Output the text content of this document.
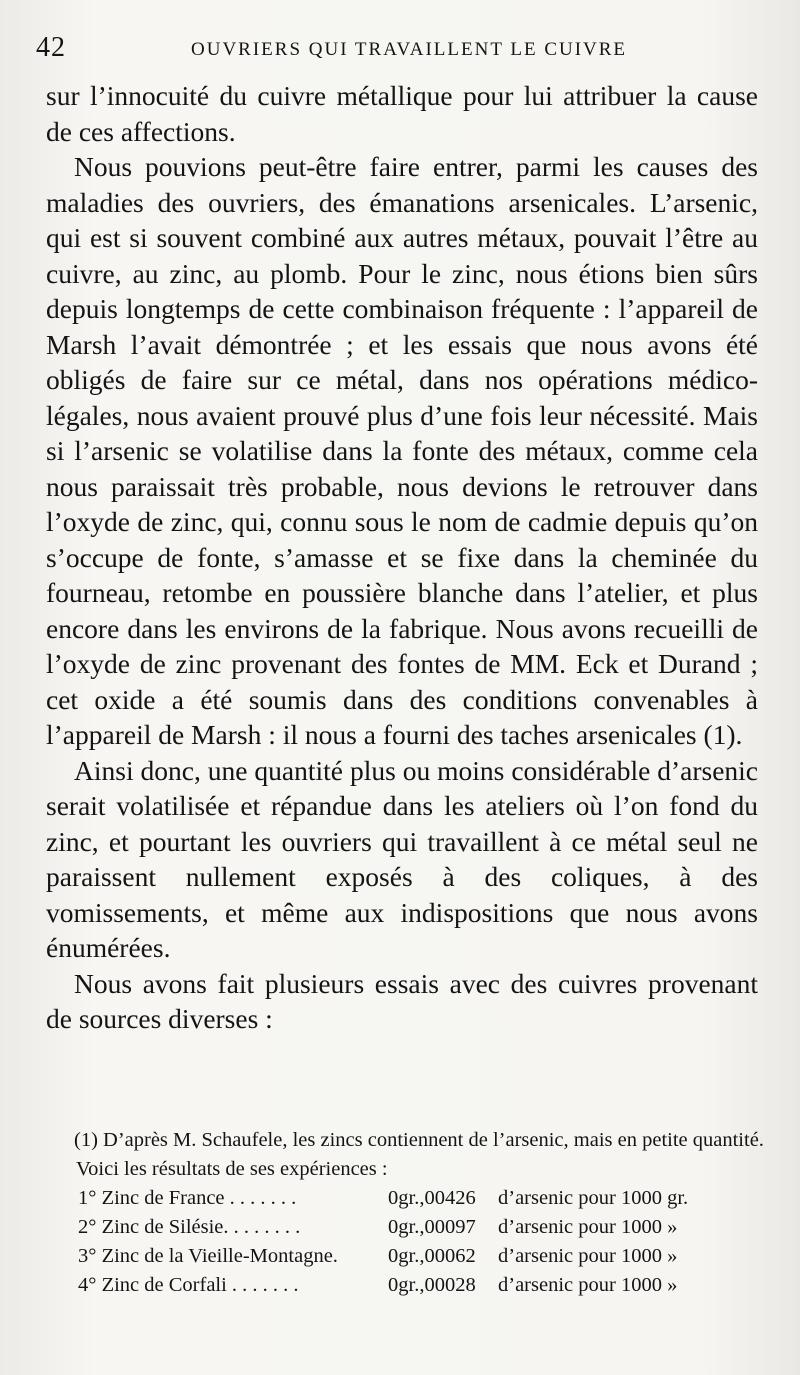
42	OUVRIERS QUI TRAVAILLENT LE CUIVRE

sur l’innocuité du cuivre métallique pour lui attribuer la cause de ces affections.

Nous pouvions peut-être faire entrer, parmi les causes des maladies des ouvriers, des émanations arsenicales. L’arsenic, qui est si souvent combiné aux autres métaux, pouvait l’être au cuivre, au zinc, au plomb. Pour le zinc, nous étions bien sûrs depuis longtemps de cette combinaison fréquente : l’appareil de Marsh l’avait démontrée ; et les essais que nous avons été obligés de faire sur ce métal, dans nos opérations médico-légales, nous avaient prouvé plus d’une fois leur nécessité. Mais si l’arsenic se volatilise dans la fonte des métaux, comme cela nous paraissait très probable, nous devions le retrouver dans l’oxyde de zinc, qui, connu sous le nom de cadmie depuis qu’on s’occupe de fonte, s’amasse et se fixe dans la cheminée du fourneau, retombe en poussière blanche dans l’atelier, et plus encore dans les environs de la fabrique. Nous avons recueilli de l’oxyde de zinc provenant des fontes de MM. Eck et Durand ; cet oxide a été soumis dans des conditions convenables à l’appareil de Marsh : il nous a fourni des taches arsenicales (1).

Ainsi donc, une quantité plus ou moins considérable d’arsenic serait volatilisée et répandue dans les ateliers où l’on fond du zinc, et pourtant les ouvriers qui travaillent à ce métal seul ne paraissent nullement exposés à des coliques, à des vomissements, et même aux indispositions que nous avons énumérées.

Nous avons fait plusieurs essais avec des cuivres provenant de sources diverses :

(1) D’après M. Schaufele, les zincs contiennent de l’arsenic, mais en petite quantité.

Voici les résultats de ses expériences :

1° Zinc de France . . . . . . .	0gr.,00426	d’arsenic pour 1000 gr.
2° Zinc de Silésie. . . . . . . .	0gr.,00097	d’arsenic pour 1000 »
3° Zinc de la Vieille-Montagne.	0gr.,00062	d’arsenic pour 1000 »
4° Zinc de Corfali . . . . . . .	0gr.,00028	d’arsenic pour 1000 »
